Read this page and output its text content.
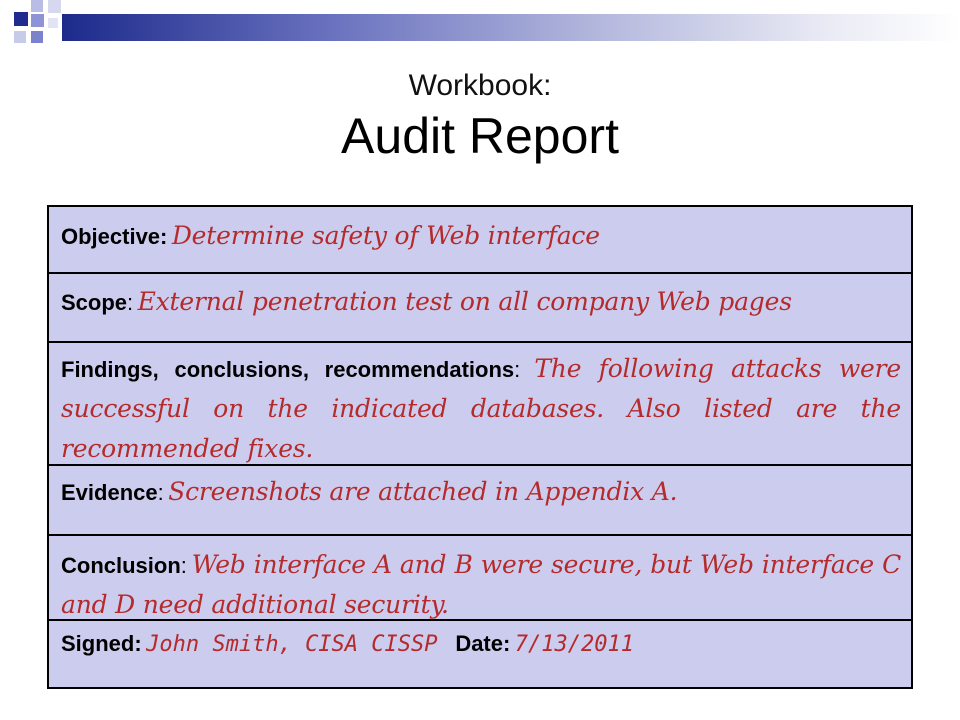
Workbook:
Audit Report
Objective: Determine safety of Web interface
Scope: External penetration test on all company Web pages
Findings, conclusions, recommendations: The following attacks were successful on the indicated databases. Also listed are the recommended fixes.
Evidence: Screenshots are attached in Appendix A.
Conclusion: Web interface A and B were secure, but Web interface C and D need additional security.
Signed: John Smith, CISA CISSP Date: 7/13/2011
